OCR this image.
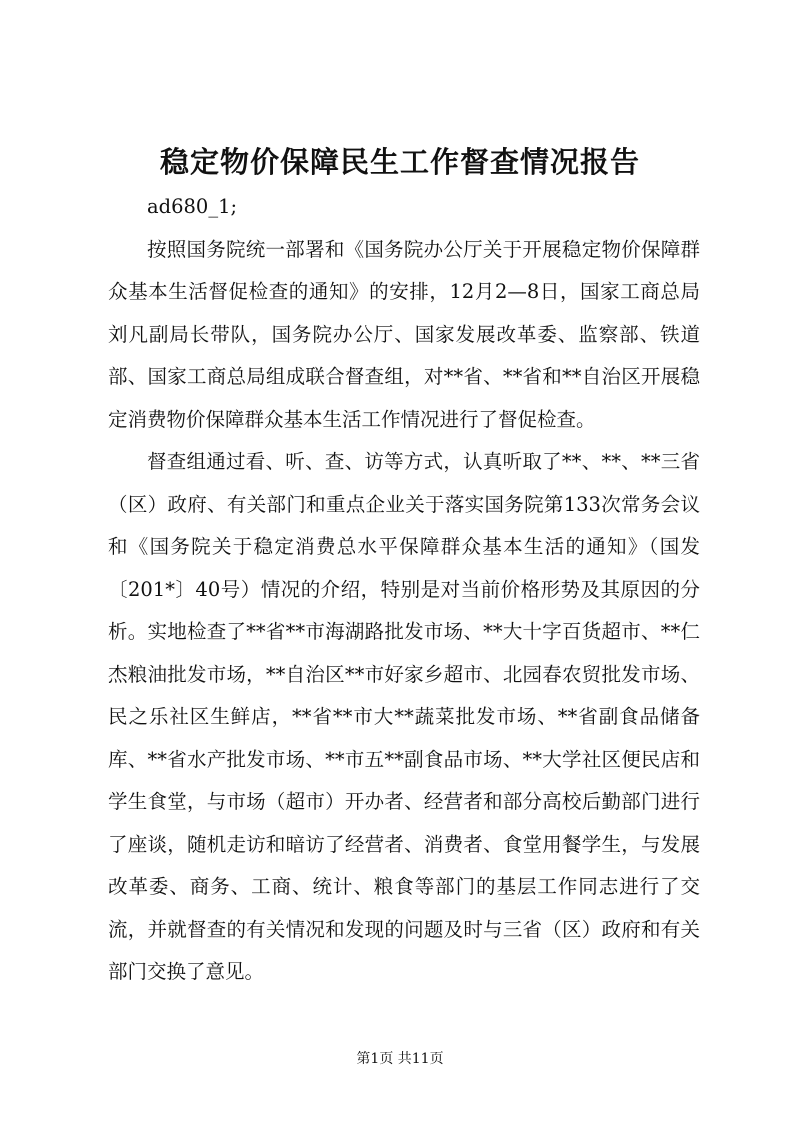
稳定物价保障民生工作督查情况报告

ad680_1;

按照国务院统一部署和《国务院办公厅关于开展稳定物价保障群众基本生活督促检查的通知》的安排，12月2—8日，国家工商总局刘凡副局长带队，国务院办公厅、国家发展改革委、监察部、铁道部、国家工商总局组成联合督查组，对**省、**省和**自治区开展稳定消费物价保障群众基本生活工作情况进行了督促检查。

督查组通过看、听、查、访等方式，认真听取了**、**、**三省（区）政府、有关部门和重点企业关于落实国务院第133次常务会议和《国务院关于稳定消费总水平保障群众基本生活的通知》（国发〔201*〕40号）情况的介绍，特别是对当前价格形势及其原因的分析。实地检查了**省**市海湖路批发市场、**大十字百货超市、**仁杰粮油批发市场，**自治区**市好家乡超市、北园春农贸批发市场、民之乐社区生鲜店，**省**市大**蔬菜批发市场、**省副食品储备库、**省水产批发市场、**市五**副食品市场、**大学社区便民店和学生食堂，与市场（超市）开办者、经营者和部分高校后勤部门进行了座谈，随机走访和暗访了经营者、消费者、食堂用餐学生，与发展改革委、商务、工商、统计、粮食等部门的基层工作同志进行了交流，并就督查的有关情况和发现的问题及时与三省（区）政府和有关部门交换了意见。

第1页 共11页
